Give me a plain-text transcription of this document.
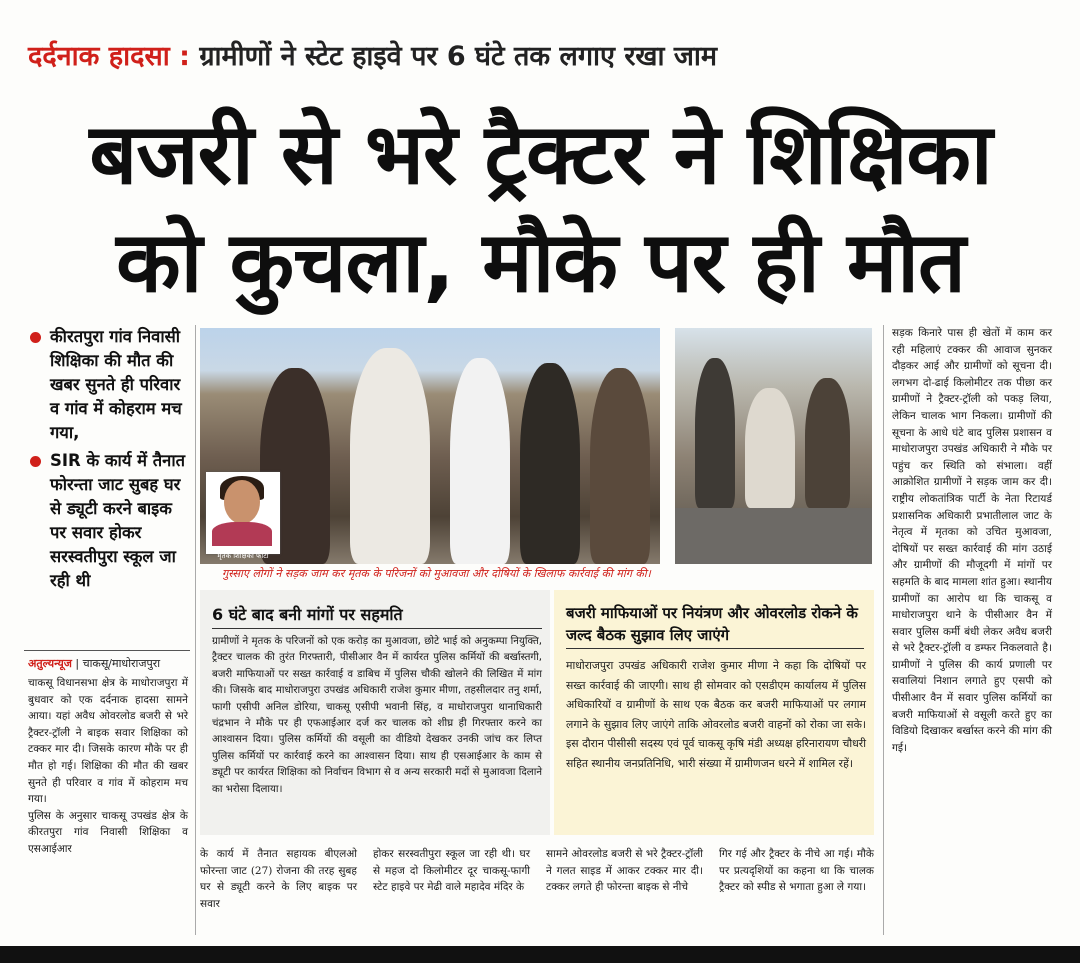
दर्दनाक हादसा : ग्रामीणों ने स्टेट हाइवे पर 6 घंटे तक लगाए रखा जाम
बजरी से भरे ट्रैक्टर ने शिक्षिका
को कुचला, मौके पर ही मौत
कीरतपुरा गांव निवासी शिक्षिका की मौत की खबर सुनते ही परिवार व गांव में कोहराम मच गया,
SIR के कार्य में तैनात फोरन्ता जाट सुबह घर से ड्यूटी करने बाइक पर सवार होकर सरस्वतीपुरा स्कूल जा रही थी
अतुल्यन्यूज | चाकसू/माधोराजपुरा
चाकसू विधानसभा क्षेत्र के माधोराजपुरा में बुधवार को एक दर्दनाक हादसा सामने आया। यहां अवैध ओवरलोड बजरी से भरे ट्रैक्टर-ट्रॉली ने बाइक सवार शिक्षिका को टक्कर मार दी। जिसके कारण मौके पर ही मौत हो गई। शिक्षिका की मौत की खबर सुनते ही परिवार व गांव में कोहराम मच गया।
पुलिस के अनुसार चाकसू उपखंड क्षेत्र के कीरतपुरा गांव निवासी शिक्षिका व एसआईआर
मृतक शिक्षिका फोटो
गुस्साए लोगों ने सड़क जाम कर मृतक के परिजनों को मुआवजा और दोषियों के खिलाफ कार्रवाई की मांग की।
6 घंटे बाद बनी मांगों पर सहमति
ग्रामीणों ने मृतक के परिजनों को एक करोड़ का मुआवजा, छोटे भाई को अनुकम्पा नियुक्ति, ट्रैक्टर चालक की तुरंत गिरफ्तारी, पीसीआर वैन में कार्यरत पुलिस कर्मियों की बर्खास्तगी, बजरी माफियाओं पर सख्त कार्रवाई व डाबिच में पुलिस चौकी खोलने की लिखित में मांग की। जिसके बाद माधोराजपुरा उपखंड अधिकारी राजेश कुमार मीणा, तहसीलदार तनु शर्मा, फागी एसीपी अनिल डोरिया, चाकसू एसीपी भवानी सिंह, व माधोराजपुरा थानाधिकारी चंद्रभान ने मौके पर ही एफआईआर दर्ज कर चालक को शीघ्र ही गिरफ्तार करने का आश्वासन दिया। पुलिस कर्मियों की वसूली का वीडियो देखकर उनकी जांच कर लिप्त पुलिस कर्मियों पर कार्रवाई करने का आश्वासन दिया। साथ ही एसआईआर के काम से ड्यूटी पर कार्यरत शिक्षिका को निर्वाचन विभाग से व अन्य सरकारी मदों से मुआवजा दिलाने का भरोसा दिलाया।
बजरी माफियाओं पर नियंत्रण और ओवरलोड रोकने के जल्द बैठक सुझाव लिए जाएंगे
माधोराजपुरा उपखंड अधिकारी राजेश कुमार मीणा ने कहा कि दोषियों पर सख्त कार्रवाई की जाएगी। साथ ही सोमवार को एसडीएम कार्यालय में पुलिस अधिकारियों व ग्रामीणों के साथ एक बैठक कर बजरी माफियाओं पर लगाम लगाने के सुझाव लिए जाएंगे ताकि ओवरलोड बजरी वाहनों को रोका जा सके। इस दौरान पीसीसी सदस्य एवं पूर्व चाकसू कृषि मंडी अध्यक्ष हरिनारायण चौधरी सहित स्थानीय जनप्रतिनिधि, भारी संख्या में ग्रामीणजन धरने में शामिल रहें।
के कार्य में तैनात सहायक बीएलओ फोरन्ता जाट (27) रोजना की तरह सुबह घर से ड्यूटी करने के लिए बाइक पर सवार
होकर सरस्वतीपुरा स्कूल जा रही थी। घर से महज दो किलोमीटर दूर चाकसू-फागी स्टेट हाइवे पर मेढी वाले महादेव मंदिर के
सामने ओवरलोड बजरी से भरे ट्रैक्टर-ट्रॉली ने गलत साइड में आकर टक्कर मार दी। टक्कर लगते ही फोरन्ता बाइक से नीचे
गिर गई और ट्रैक्टर के नीचे आ गई। मौके पर प्रत्यदृशियों का कहना था कि चालक ट्रैक्टर को स्पीड से भगाता हुआ ले गया।
सड़क किनारे पास ही खेतों में काम कर रही महिलाएं टक्कर की आवाज सुनकर दौड़कर आई और ग्रामीणों को सूचना दी। लगभग दो-ढाई किलोमीटर तक पीछा कर ग्रामीणों ने ट्रैक्टर-ट्रॉली को पकड़ लिया, लेकिन चालक भाग निकला। ग्रामीणों की सूचना के आधे घंटे बाद पुलिस प्रशासन व माधोराजपुरा उपखंड अधिकारी ने मौके पर पहुंच कर स्थिति को संभाला। वहीं आक्रोशित ग्रामीणों ने सड़क जाम कर दी। राष्ट्रीय लोकतांत्रिक पार्टी के नेता रिटायर्ड प्रशासनिक अधिकारी प्रभातीलाल जाट के नेतृत्व में मृतका को उचित मुआवजा, दोषियों पर सख्त कार्रवाई की मांग उठाई और ग्रामीणों की मौजूदगी में मांगों पर सहमति के बाद मामला शांत हुआ। स्थानीय ग्रामीणों का आरोप था कि चाकसू व माधोराजपुरा थाने के पीसीआर वैन में सवार पुलिस कर्मी बंधी लेकर अवैध बजरी से भरे ट्रैक्टर-ट्रॉली व डम्फर निकलवाते है। ग्रामीणों ने पुलिस की कार्य प्रणाली पर सवालियां निशान लगाते हुए एसपी को पीसीआर वैन में सवार पुलिस कर्मियों का बजरी माफियाओं से वसूली करते हुए का विडियो दिखाकर बर्खास्त करने की मांग की गई।
